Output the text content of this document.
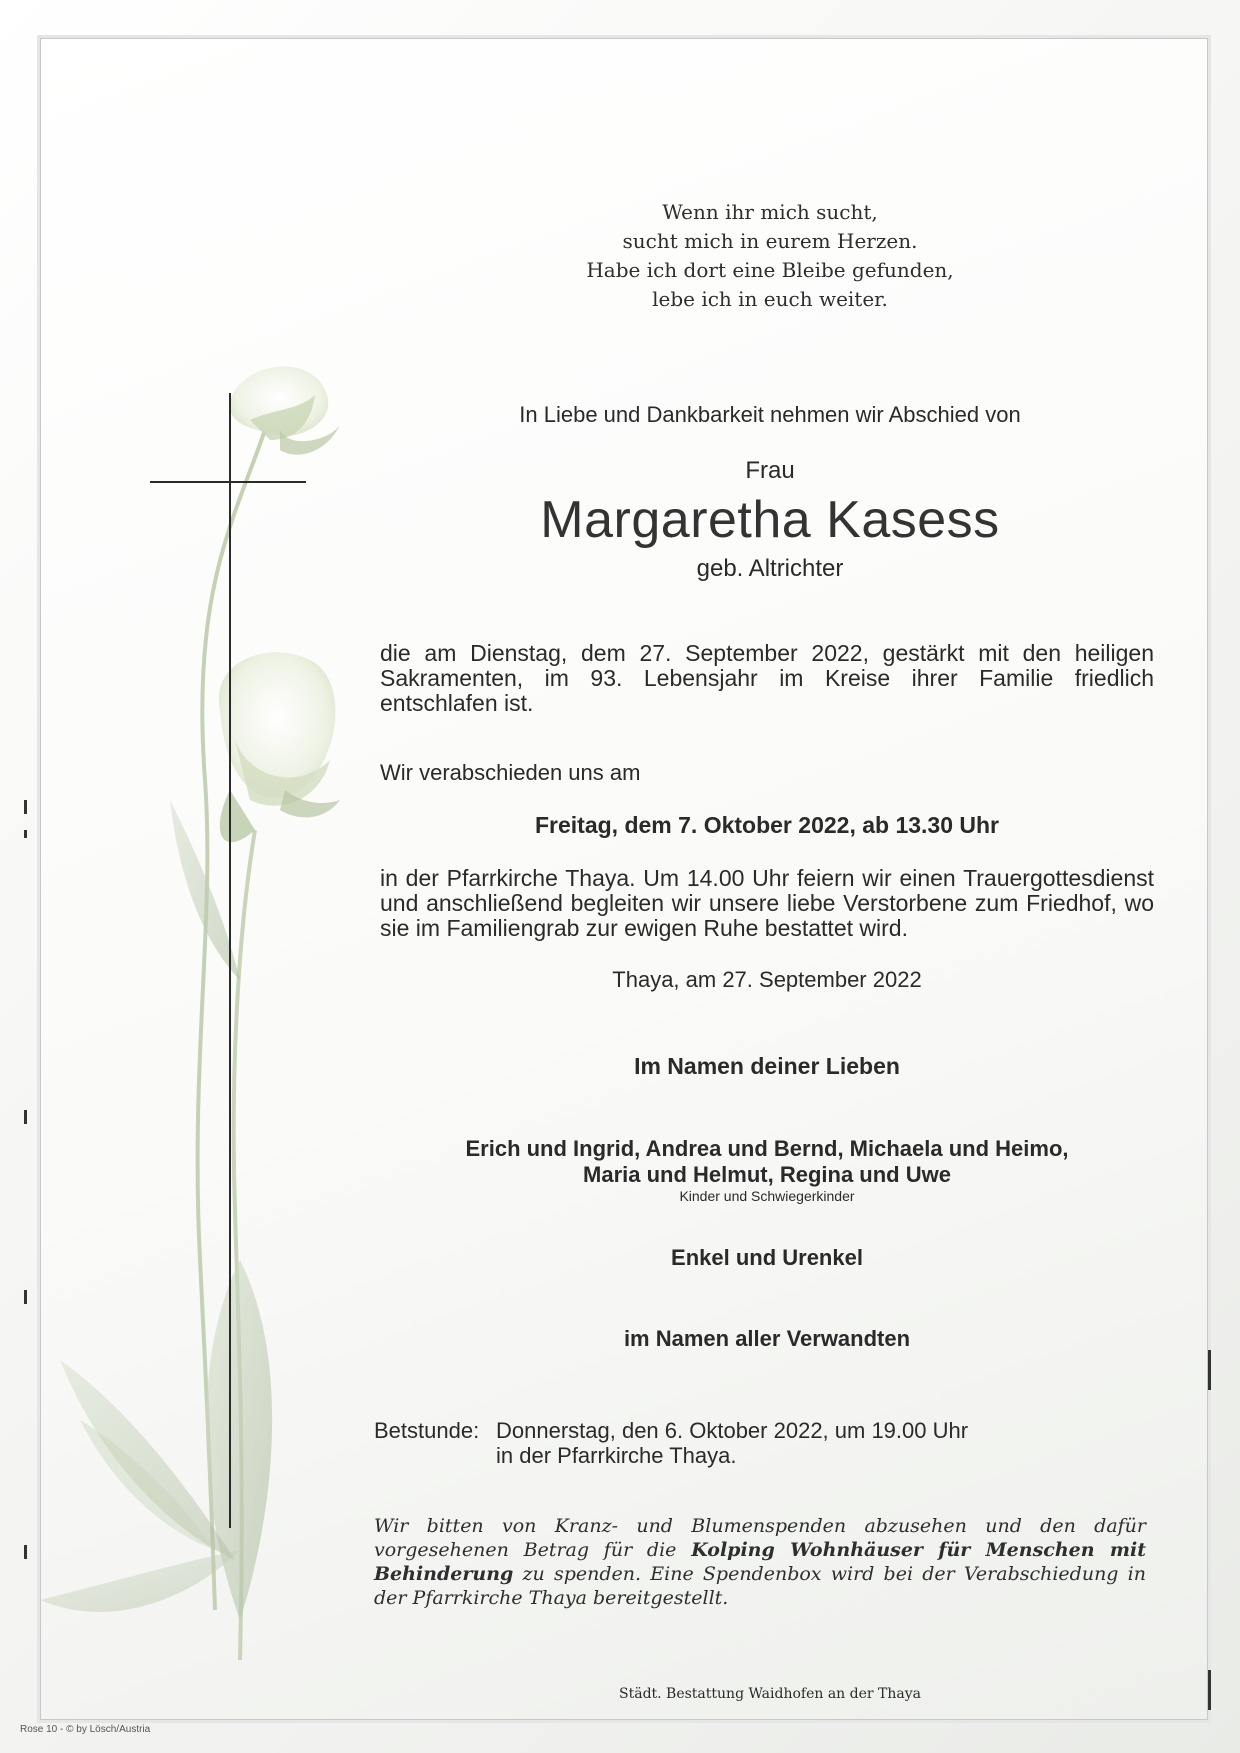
Wenn ihr mich sucht,
sucht mich in eurem Herzen.
Habe ich dort eine Bleibe gefunden,
lebe ich in euch weiter.
In Liebe und Dankbarkeit nehmen wir Abschied von
Frau
Margaretha Kasess
geb. Altrichter
die am Dienstag, dem 27. September 2022, gestärkt mit den heiligen Sakramenten, im 93. Lebensjahr im Kreise ihrer Familie friedlich entschlafen ist.
Wir verabschieden uns am
Freitag, dem 7. Oktober 2022, ab 13.30 Uhr
in der Pfarrkirche Thaya. Um 14.00 Uhr feiern wir einen Trauergottesdienst und anschließend begleiten wir unsere liebe Verstorbene zum Friedhof, wo sie im Familiengrab zur ewigen Ruhe bestattet wird.
Thaya, am 27. September 2022
Im Namen deiner Lieben
Erich und Ingrid, Andrea und Bernd, Michaela und Heimo,
Maria und Helmut, Regina und Uwe
Kinder und Schwiegerkinder
Enkel und Urenkel
im Namen aller Verwandten
Betstunde: Donnerstag, den 6. Oktober 2022, um 19.00 Uhr
in der Pfarrkirche Thaya.
Wir bitten von Kranz- und Blumenspenden abzusehen und den dafür vorgesehenen Betrag für die Kolping Wohnhäuser für Menschen mit Behinderung zu spenden. Eine Spendenbox wird bei der Verabschiedung in der Pfarrkirche Thaya bereitgestellt.
Städt. Bestattung Waidhofen an der Thaya
Rose 10 - © by Lösch/Austria
